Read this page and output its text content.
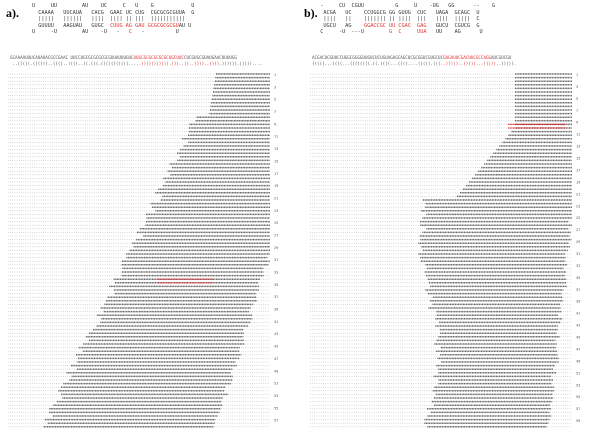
a).	U     UU        AU    UC     C   U    G            U
CAAAA   UUCAUA   CACG  GAAC UC CUG  CGCGCGCGUUA  G
|||||   ||||||   ||||  |||| || |||  |||||||||||
GUUUU   AAGUAU   GUGC  CUUG AG GAU GCGCGCGCGUAU U
U     -U        AU    -U   -   C   -          U
GCAAAAUUUCAUAUACGCCGAAC UUCCUGCGCGCGCGCGUUAUUUGUCUUGCGCGCGCGCGCUGCUUCCUCGUGCGUAUGAACUUUUGG
..(((((.((((((..((((..((((..((.(((.(((((((((((.....))))))))))).)))..))..))))..)))).)))))).)))))....
1
3
5
7
9
11
13
15
17
19
21
23
25
27
29
31
33
35
37
39
41
43
45
47
49
51
53
55
57
b).
-     CU  CGUU          G     U    -UG   GG      --    G
ACGA   UC    CCUGGCG GG GUUG  CUC   UAGA  GCAGC  U
||||   ||    ||||||| || ||||  |||   ||||  |||||  C
UGCU   AG    GGACCGC UU CGAC  GAG   GUCU  CGUCG  G
C     -U  ---U        G  C	UUA   UU    AG      U
ACGACUCGUUCCUGGCGGGGUUGUCUCUGUAGAGCAGCUCGCGGUCGUGCUCGAGAUUCGACUUCGCCAGGAUCGUCGU
(((((...((((...((((((((.((.((((...((((....(((((.(((..)))))..)))))...)))))..))))).
1
3
5
7
9
11
13
15
17
19
21
23
25
27
29
31
33
35
37
39
41
43
45
47
49
51
53
55
57
59
